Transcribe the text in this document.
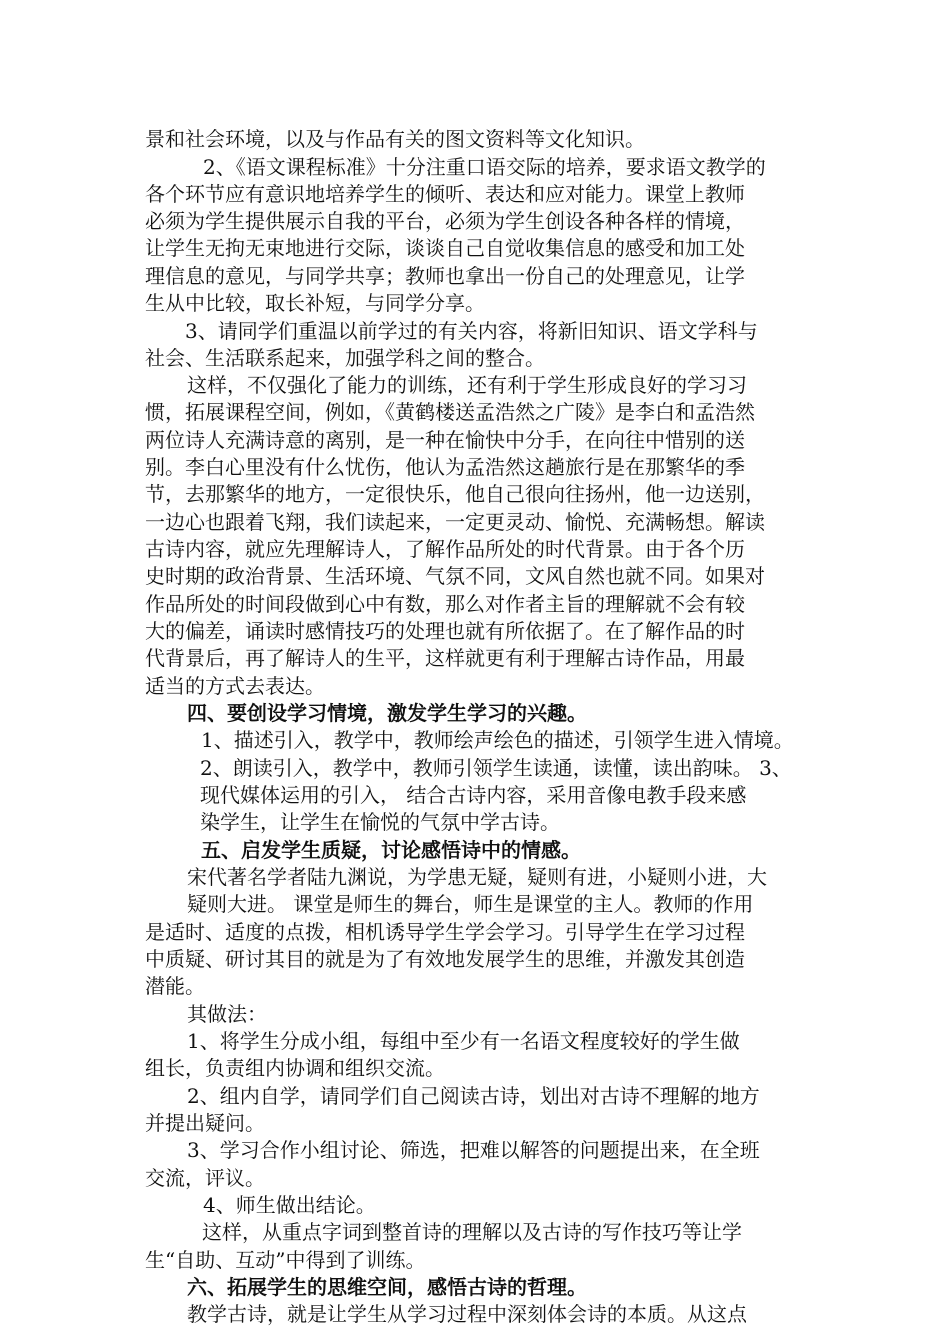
景和社会环境，以及与作品有关的图文资料等文化知识。

2、《语文课程标准》十分注重口语交际的培养，要求语文教学的

各个环节应有意识地培养学生的倾听、表达和应对能力。课堂上教师

必须为学生提供展示自我的平台，必须为学生创设各种各样的情境，

让学生无拘无束地进行交际，谈谈自己自觉收集信息的感受和加工处

理信息的意见，与同学共享；教师也拿出一份自己的处理意见，让学

生从中比较，取长补短，与同学分享。

3、请同学们重温以前学过的有关内容，将新旧知识、语文学科与

社会、生活联系起来，加强学科之间的整合。

这样，不仅强化了能力的训练，还有利于学生形成良好的学习习

惯，拓展课程空间，例如，《黄鹤楼送孟浩然之广陵》是李白和孟浩然

两位诗人充满诗意的离别，是一种在愉快中分手，在向往中惜别的送

别。李白心里没有什么忧伤，他认为孟浩然这趟旅行是在那繁华的季

节，去那繁华的地方，一定很快乐，他自己很向往扬州，他一边送别，

一边心也跟着飞翔，我们读起来，一定更灵动、愉悦、充满畅想。解读

古诗内容，就应先理解诗人，了解作品所处的时代背景。由于各个历

史时期的政治背景、生活环境、气氛不同，文风自然也就不同。如果对

作品所处的时间段做到心中有数，那么对作者主旨的理解就不会有较

大的偏差，诵读时感情技巧的处理也就有所依据了。在了解作品的时

代背景后，再了解诗人的生平，这样就更有利于理解古诗作品，用最

适当的方式去表达。

四、要创设学习情境，激发学生学习的兴趣。

1、描述引入，教学中，教师绘声绘色的描述，引领学生进入情境。

2、朗读引入，教学中，教师引领学生读通，读懂，读出韵味。 3、

现代媒体运用的引入， 结合古诗内容，采用音像电教手段来感

染学生，让学生在愉悦的气氛中学古诗。

五、启发学生质疑，讨论感悟诗中的情感。

宋代著名学者陆九渊说，为学患无疑，疑则有进，小疑则小进，大

疑则大进。 课堂是师生的舞台，师生是课堂的主人。教师的作用

是适时、适度的点拨，相机诱导学生学会学习。引导学生在学习过程

中质疑、研讨其目的就是为了有效地发展学生的思维，并激发其创造

潜能。

其做法：

1、将学生分成小组，每组中至少有一名语文程度较好的学生做

组长，负责组内协调和组织交流。

2、组内自学，请同学们自己阅读古诗，划出对古诗不理解的地方

并提出疑问。

3、学习合作小组讨论、筛选，把难以解答的问题提出来，在全班

交流，评议。

4、师生做出结论。

这样，从重点字词到整首诗的理解以及古诗的写作技巧等让学

生“自助、互动”中得到了训练。

六、拓展学生的思维空间，感悟古诗的哲理。

教学古诗，就是让学生从学习过程中深刻体会诗的本质。从这点
